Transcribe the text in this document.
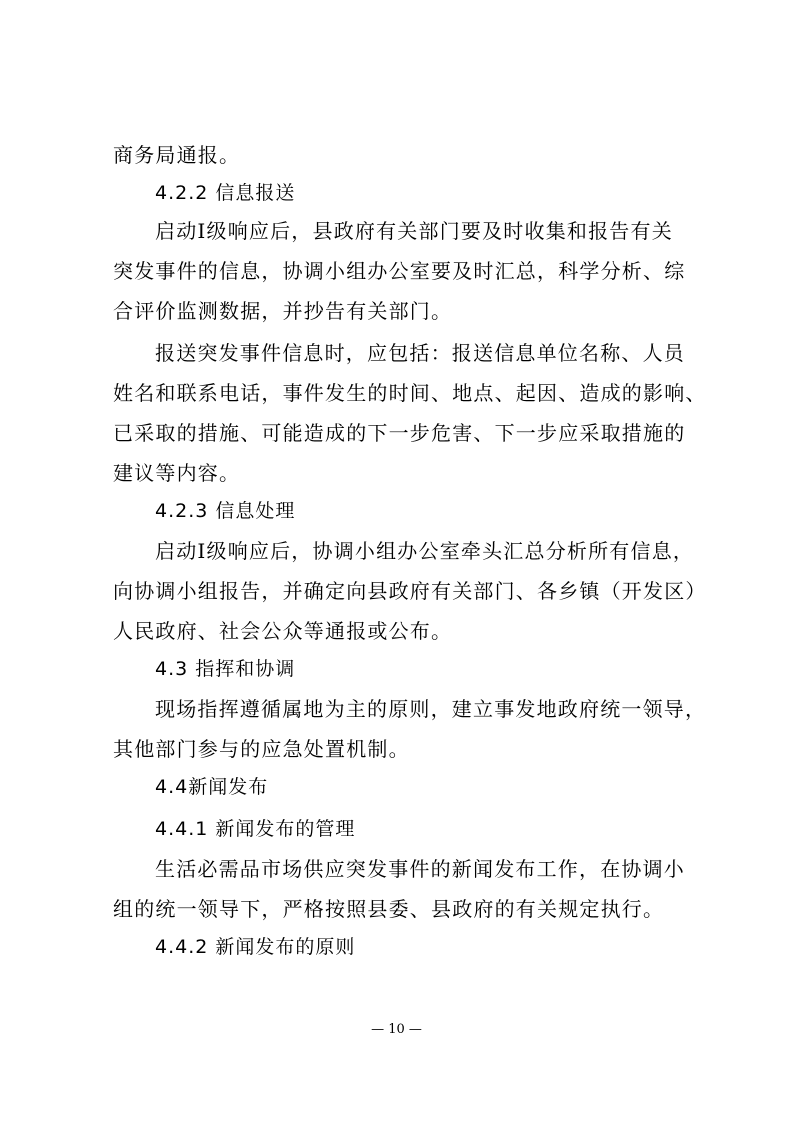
商务局通报。
4.2.2 信息报送
启动Ⅰ级响应后，县政府有关部门要及时收集和报告有关
突发事件的信息，协调小组办公室要及时汇总，科学分析、综
合评价监测数据，并抄告有关部门。
报送突发事件信息时，应包括：报送信息单位名称、人员
姓名和联系电话，事件发生的时间、地点、起因、造成的影响、
已采取的措施、可能造成的下一步危害、下一步应采取措施的
建议等内容。
4.2.3 信息处理
启动Ⅰ级响应后，协调小组办公室牵头汇总分析所有信息，
向协调小组报告，并确定向县政府有关部门、各乡镇（开发区）
人民政府、社会公众等通报或公布。
4.3 指挥和协调
现场指挥遵循属地为主的原则，建立事发地政府统一领导，
其他部门参与的应急处置机制。
4.4新闻发布
4.4.1 新闻发布的管理
生活必需品市场供应突发事件的新闻发布工作，在协调小
组的统一领导下，严格按照县委、县政府的有关规定执行。
4.4.2 新闻发布的原则
— 10 —
